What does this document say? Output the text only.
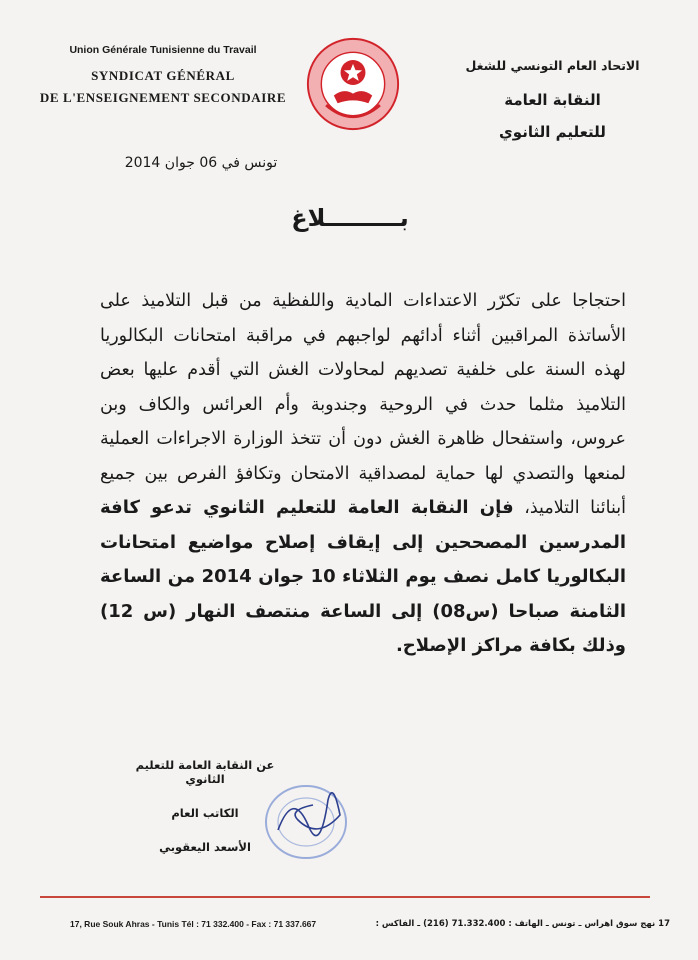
Union Générale Tunisienne du Travail
SYNDICAT GÉNÉRAL
DE L'ENSEIGNEMENT SECONDAIRE
تونس في 06 جوان 2014
الاتحاد العام التونسي للشغل
النقابة العامة
للتعليم الثانوي
بـــــــــلاغ
احتجاجا على تكرّر الاعتداءات المادية واللفظية من قبل التلاميذ على الأساتذة المراقبين أثناء أدائهم لواجبهم في مراقبة امتحانات البكالوريا لهذه السنة على خلفية تصديهم لمحاولات الغش التي أقدم عليها بعض التلاميذ مثلما حدث في الروحية وجندوبة وأم العرائس والكاف وبن عروس، واستفحال ظاهرة الغش دون أن تتخذ الوزارة الاجراءات العملية لمنعها والتصدي لها حماية لمصداقية الامتحان وتكافؤ الفرص بين جميع أبنائنا التلاميذ، فإن النقابة العامة للتعليم الثانوي تدعو كافة المدرسين المصححين إلى إيقاف إصلاح مواضيع امتحانات البكالوريا كامل نصف يوم الثلاثاء 10 جوان 2014 من الساعة الثامنة صباحا (س08) إلى الساعة منتصف النهار (س 12) وذلك بكافة مراكز الإصلاح.
عن النقابة العامة للتعليم الثانوي
الكاتب العام
الأسعد اليعقوبي
17, Rue Souk Ahras - Tunis Tél : 71 332.400 - Fax : 71 337.667	17 نهج سوق اهراس ـ تونس ـ الهاتف : 71.332.400 (216) ـ الفاكس :
